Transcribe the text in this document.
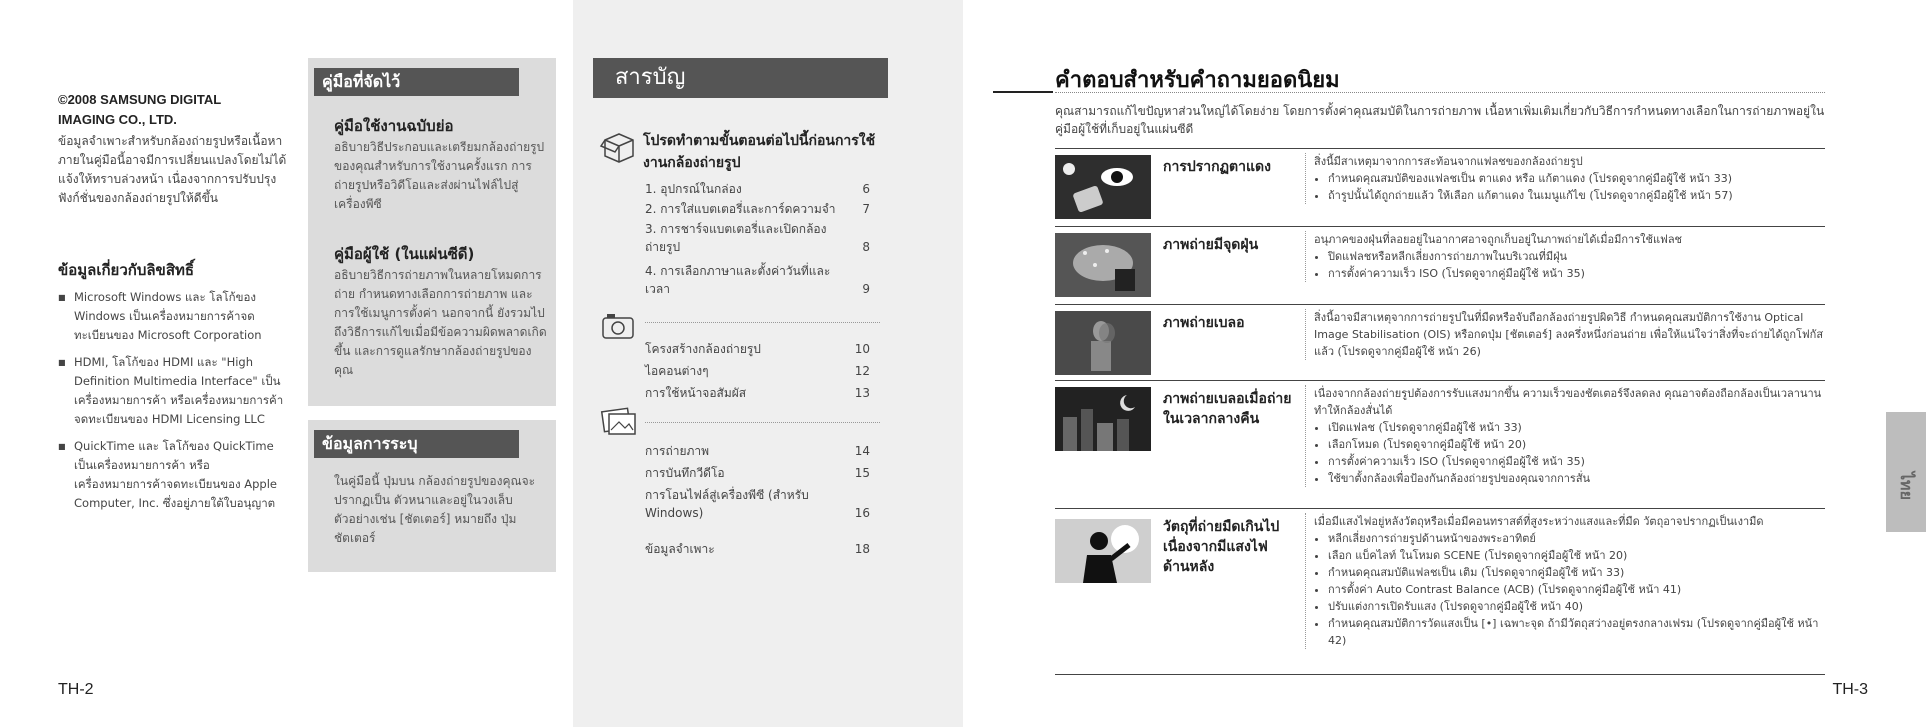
©2008 SAMSUNG DIGITAL IMAGING CO., LTD.
ข้อมูลจำเพาะสำหรับกล้องถ่ายรูปหรือเนื้อหาภายในคู่มือนี้อาจมีการเปลี่ยนแปลงโดยไม่ได้แจ้งให้ทราบล่วงหน้า เนื่องจากการปรับปรุงฟังก์ชั่นของกล้องถ่ายรูปให้ดีขึ้น
ข้อมูลเกี่ยวกับลิขสิทธิ์
■ Microsoft Windows และ โลโก้ของ Windows เป็นเครื่องหมายการค้าจดทะเบียนของ Microsoft Corporation
■ HDMI, โลโก้ของ HDMI และ "High Definition Multimedia Interface" เป็นเครื่องหมายการค้า หรือเครื่องหมายการค้าจดทะเบียนของ HDMI Licensing LLC
■ QuickTime และ โลโก้ของ QuickTime เป็นเครื่องหมายการค้า หรือเครื่องหมายการค้าจดทะเบียนของ Apple Computer, Inc. ซึ่งอยู่ภายใต้ใบอนุญาต
คู่มือที่จัดไว้
คู่มือใช้งานฉบับย่อ
อธิบายวิธีประกอบและเตรียมกล้องถ่ายรูปของคุณสำหรับการใช้งานครั้งแรก การถ่ายรูปหรือวิดีโอและส่งผ่านไฟล์ไปสู่เครื่องพีซี
คู่มือผู้ใช้ (ในแผ่นซีดี)
อธิบายวิธีการถ่ายภาพในหลายโหมดการถ่าย กำหนดทางเลือกการถ่ายภาพ และการใช้เมนูการตั้งค่า นอกจากนี้ ยังรวมไปถึงวิธีการแก้ไขเมื่อมีข้อความผิดพลาดเกิดขึ้น และการดูแลรักษากล้องถ่ายรูปของคุณ
ข้อมูลการระบุ
ในคู่มือนี้ ปุ่มบน กล้องถ่ายรูปของคุณจะปรากฏเป็น ตัวหนาและอยู่ในวงเล็บ ตัวอย่างเช่น [ชัตเตอร์] หมายถึง ปุ่มชัตเตอร์
TH-2
สารบัญ
โปรดทำตามขั้นตอนต่อไปนี้ก่อนการใช้งานกล้องถ่ายรูป
1. อุปกรณ์ในกล่อง	6
2. การใส่แบตเตอรี่และการ์ดความจำ 7
3. การชาร์จแบตเตอรี่และเปิดกล้องถ่ายรูป	8
4. การเลือกภาษาและตั้งค่าวันที่และเวลา	9
โครงสร้างกล้องถ่ายรูป	10
ไอคอนต่างๆ	12
การใช้หน้าจอสัมผัส	13
การถ่ายภาพ	14
การบันทึกวีดีโอ	15
การโอนไฟล์สู่เครื่องพีซี (สำหรับ Windows)	16
ข้อมูลจำเพาะ	18
คำตอบสำหรับคำถามยอดนิยม
คุณสามารถแก้ไขปัญหาส่วนใหญ่ได้โดยง่าย โดยการตั้งค่าคุณสมบัติในการถ่ายภาพ เนื้อหาเพิ่มเติมเกี่ยวกับวิธีการกำหนดทางเลือกในการถ่ายภาพอยู่ในคู่มือผู้ใช้ที่เก็บอยู่ในแผ่นซีดี
การปรากฏตาแดง	สิ่งนี้มีสาเหตุมาจากการสะท้อนจากแฟลชของกล้องถ่ายรูป
• กำหนดคุณสมบัติของแฟลชเป็น ตาแดง หรือ แก้ตาแดง (โปรดดูจากคู่มือผู้ใช้ หน้า 33)
• ถ้ารูปนั้นได้ถูกถ่ายแล้ว ให้เลือก แก้ตาแดง ในเมนูแก้ไข (โปรดดูจากคู่มือผู้ใช้ หน้า 57)
ภาพถ่ายมีจุดฝุ่น	อนุภาคของฝุ่นที่ลอยอยู่ในอากาศอาจถูกเก็บอยู่ในภาพถ่ายได้เมื่อมีการใช้แฟลช
• ปิดแฟลชหรือหลีกเลี่ยงการถ่ายภาพในบริเวณที่มีฝุ่น
• การตั้งค่าความเร็ว ISO (โปรดดูจากคู่มือผู้ใช้ หน้า 35)
ภาพถ่ายเบลอ	สิ่งนี้อาจมีสาเหตุจากการถ่ายรูปในที่มืดหรือจับถือกล้องถ่ายรูปผิดวิธี กำหนดคุณสมบัติการใช้งาน Optical Image Stabilisation (OIS) หรือกดปุ่ม [ชัตเตอร์] ลงครึ่งหนึ่งก่อนถ่าย เพื่อให้แน่ใจว่าสิ่งที่จะถ่ายได้ถูกโฟกัสแล้ว (โปรดดูจากคู่มือผู้ใช้ หน้า 26)
ภาพถ่ายเบลอเมื่อถ่ายในเวลากลางคืน
เนื่องจากกล้องถ่ายรูปต้องการรับแสงมากขึ้น ความเร็วของชัตเตอร์จึงลดลง คุณอาจต้องถือกล้องเป็นเวลานานทำให้กล้องสั่นได้
• เปิดแฟลช (โปรดดูจากคู่มือผู้ใช้ หน้า 33)
• เลือกโหมด (โปรดดูจากคู่มือผู้ใช้ หน้า 20)
• การตั้งค่าความเร็ว ISO (โปรดดูจากคู่มือผู้ใช้ หน้า 35)
• ใช้ขาตั้งกล้องเพื่อป้องกันกล้องถ่ายรูปของคุณจากการสั่น
วัตถุที่ถ่ายมืดเกินไป เนื่องจากมีแสงไฟด้านหลัง
เมื่อมีแสงไฟอยู่หลังวัตถุหรือเมื่อมีคอนทราสต์ที่สูงระหว่างแสงและที่มืด วัตถุอาจปรากฏเป็นเงามืด
• หลีกเลี่ยงการถ่ายรูปด้านหน้าของพระอาทิตย์
• เลือก แบ็คไลท์ ในโหมด SCENE (โปรดดูจากคู่มือผู้ใช้ หน้า 20)
• กำหนดคุณสมบัติแฟลชเป็น เติม (โปรดดูจากคู่มือผู้ใช้ หน้า 33)
• การตั้งค่า Auto Contrast Balance (ACB) (โปรดดูจากคู่มือผู้ใช้ หน้า 41)
• ปรับแต่งการเปิดรับแสง (โปรดดูจากคู่มือผู้ใช้ หน้า 40)
• กำหนดคุณสมบัติการวัดแสงเป็น [•] เฉพาะจุด ถ้ามีวัตถุสว่างอยู่ตรงกลางเฟรม (โปรดดูจากคู่มือผู้ใช้ หน้า 42)
ไทย
TH-3
